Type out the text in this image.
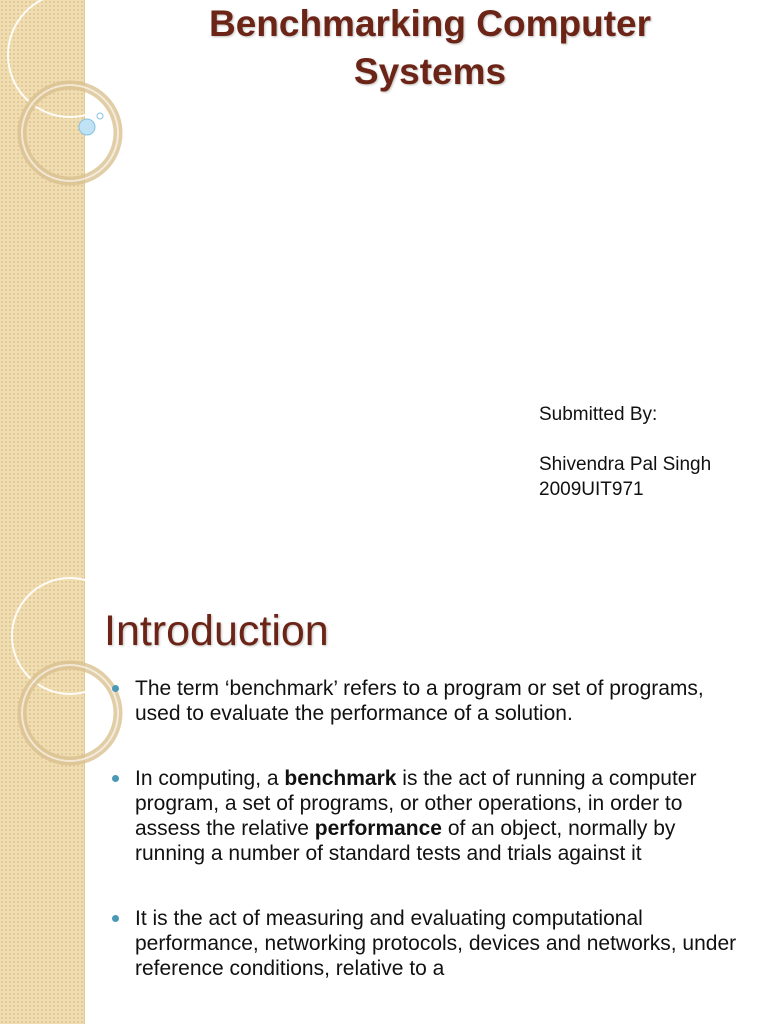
Benchmarking Computer
Systems
Submitted By:
Shivendra Pal Singh
2009UIT971
Introduction
The term ‘benchmark’ refers to a program or set of programs, used to evaluate the performance of a solution.
In computing, a benchmark is the act of running a computer program, a set of programs, or other operations, in order to assess the relative performance of an object, normally by running a number of standard tests and trials against it
It is the act of measuring and evaluating computational performance, networking protocols, devices and networks, under reference conditions, relative to a
